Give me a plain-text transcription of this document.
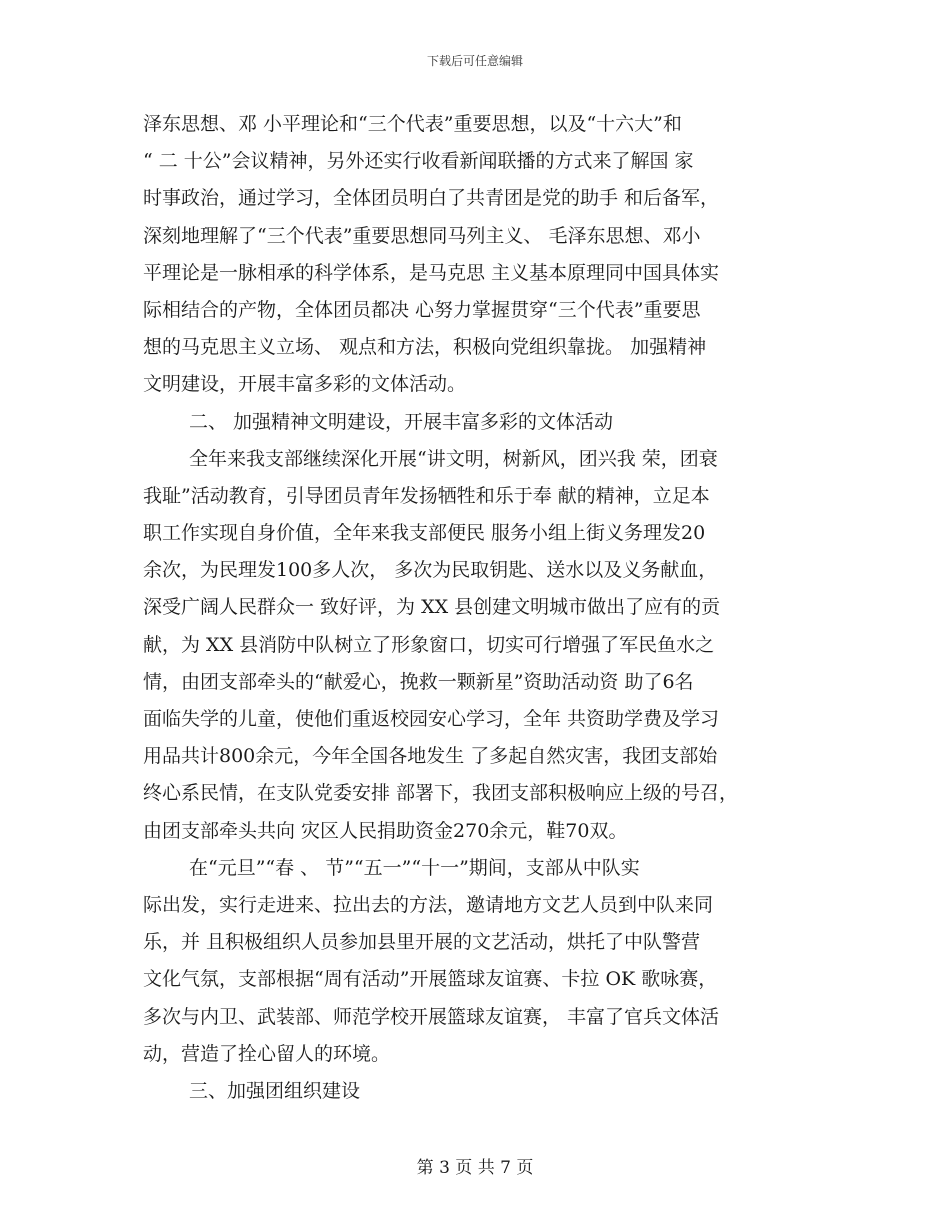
下载后可任意编辑
泽东思想、邓 小平理论和“三个代表”重要思想，以及“十六大”和
“ 二 十公”会议精神，另外还实行收看新闻联播的方式来了解国 家
时事政治，通过学习，全体团员明白了共青团是党的助手 和后备军，
深刻地理解了“三个代表”重要思想同马列主义、 毛泽东思想、邓小
平理论是一脉相承的科学体系，是马克思 主义基本原理同中国具体实
际相结合的产物，全体团员都决 心努力掌握贯穿“三个代表”重要思
想的马克思主义立场、 观点和方法，积极向党组织靠拢。 加强精神
文明建设，开展丰富多彩的文体活动。
二、 加强精神文明建设，开展丰富多彩的文体活动
全年来我支部继续深化开展“讲文明，树新风，团兴我 荣，团衰
我耻”活动教育，引导团员青年发扬牺牲和乐于奉 献的精神，立足本
职工作实现自身价值，全年来我支部便民 服务小组上街义务理发20
余次，为民理发100多人次， 多次为民取钥匙、送水以及义务献血，
深受广阔人民群众一 致好评，为 XX 县创建文明城市做出了应有的贡
献，为 XX 县消防中队树立了形象窗口，切实可行增强了军民鱼水之
情，由团支部牵头的“献爱心，挽救一颗新星”资助活动资 助了6名
面临失学的儿童，使他们重返校园安心学习，全年 共资助学费及学习
用品共计800余元，今年全国各地发生 了多起自然灾害，我团支部始
终心系民情，在支队党委安排 部署下，我团支部积极响应上级的号召，
由团支部牵头共向 灾区人民捐助资金270余元，鞋70双。
在“元旦”“春 、 节”“五一”“十一”期间，支部从中队实
际出发，实行走进来、拉出去的方法，邀请地方文艺人员到中队来同
乐，并 且积极组织人员参加县里开展的文艺活动，烘托了中队警营
文化气氛，支部根据“周有活动”开展篮球友谊赛、卡拉 OK 歌咏赛，
多次与内卫、武装部、师范学校开展篮球友谊赛， 丰富了官兵文体活
动，营造了拴心留人的环境。
三、加强团组织建设
第 3 页 共 7 页
